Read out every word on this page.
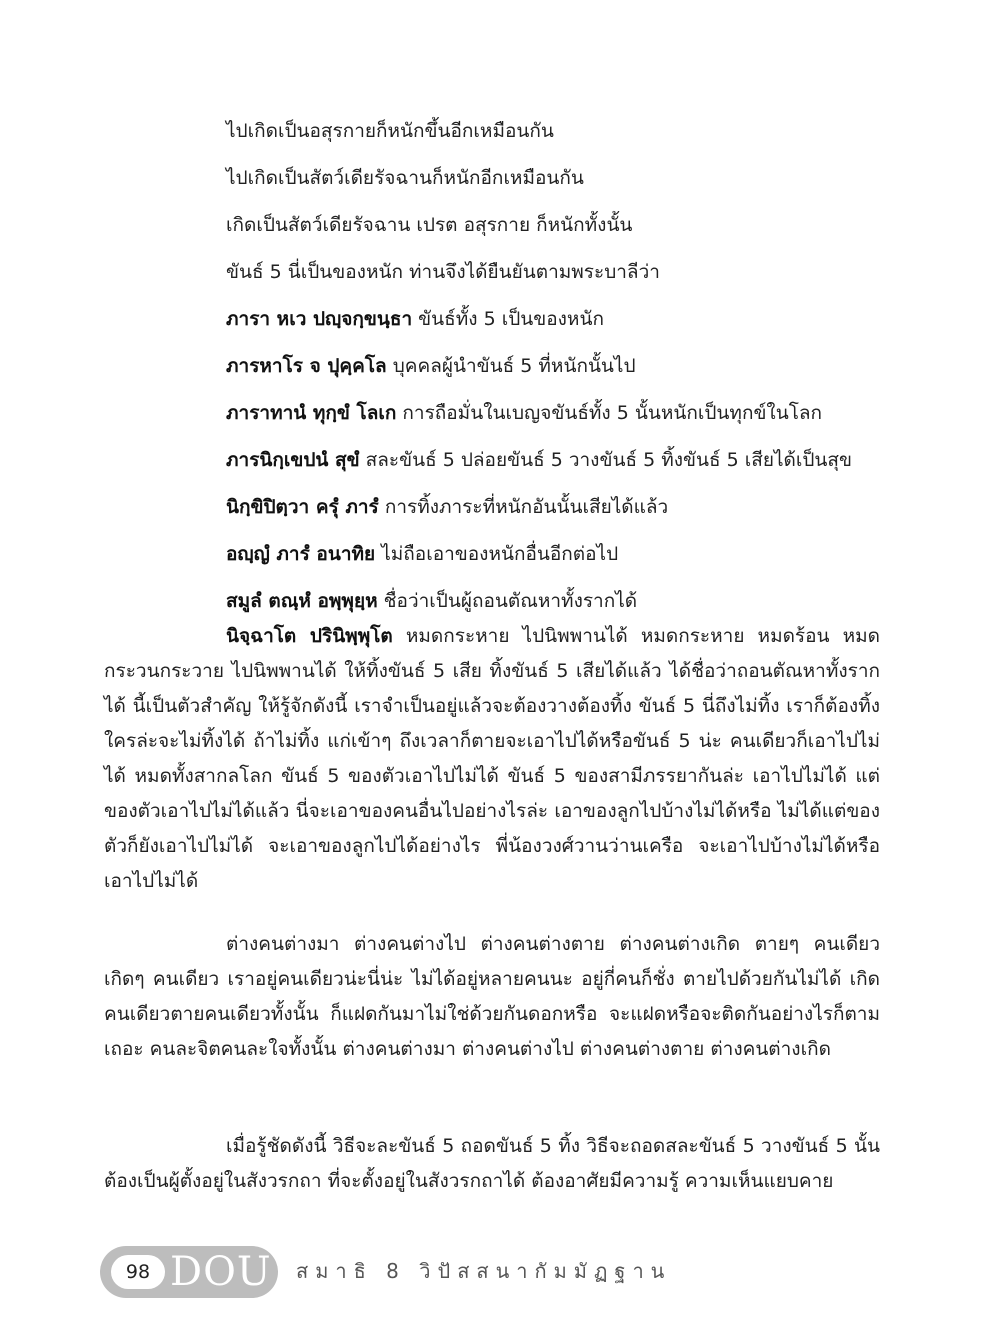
ไปเกิดเป็นอสุรกายก็หนักขึ้นอีกเหมือนกัน
ไปเกิดเป็นสัตว์เดียรัจฉานก็หนักอีกเหมือนกัน
เกิดเป็นสัตว์เดียรัจฉาน เปรต อสุรกาย ก็หนักทั้งนั้น
ขันธ์ 5 นี่เป็นของหนัก ท่านจึงได้ยืนยันตามพระบาลีว่า
ภารา หเว ปญฺจกฺขนฺธา ขันธ์ทั้ง 5 เป็นของหนัก
ภารหาโร จ ปุคฺคโล บุคคลผู้นำขันธ์ 5 ที่หนักนั้นไป
ภาราทานํ ทุกฺขํ โลเก การถือมั่นในเบญจขันธ์ทั้ง 5 นั้นหนักเป็นทุกข์ในโลก
ภารนิกฺเขปนํ สุขํ สละขันธ์ 5 ปล่อยขันธ์ 5 วางขันธ์ 5 ทิ้งขันธ์ 5 เสียได้เป็นสุข
นิกฺขิปิตฺวา ครุํ ภารํ การทิ้งภาระที่หนักอันนั้นเสียได้แล้ว
อญฺญํ ภารํ อนาทิย ไม่ถือเอาของหนักอื่นอีกต่อไป
สมูลํ ตณฺหํ อพฺพุยฺห ชื่อว่าเป็นผู้ถอนตัณหาทั้งรากได้
นิจฺฉาโต ปรินิพฺพุโต หมดกระหาย ไปนิพพานได้ หมดกระหาย หมดร้อน หมดกระวนกระวาย ไปนิพพานได้ ให้ทิ้งขันธ์ 5 เสีย ทิ้งขันธ์ 5 เสียได้แล้ว ได้ชื่อว่าถอนตัณหาทั้งรากได้ นี้เป็นตัวสำคัญ ให้รู้จักดังนี้ เราจำเป็นอยู่แล้วจะต้องวางต้องทิ้ง ขันธ์ 5 นี่ถึงไม่ทิ้ง เราก็ต้องทิ้ง ใครล่ะจะไม่ทิ้งได้ ถ้าไม่ทิ้ง แก่เข้าๆ ถึงเวลาก็ตายจะเอาไปได้หรือขันธ์ 5 น่ะ คนเดียวก็เอาไปไม่ได้ หมดทั้งสากลโลก ขันธ์ 5 ของตัวเอาไปไม่ได้ ขันธ์ 5 ของสามีภรรยากันล่ะ เอาไปไม่ได้ แต่ของตัวเอาไปไม่ได้แล้ว นี่จะเอาของคนอื่นไปอย่างไรล่ะ เอาของลูกไปบ้างไม่ได้หรือ ไม่ได้แต่ของตัวก็ยังเอาไปไม่ได้ จะเอาของลูกไปได้อย่างไร พี่น้องวงศ์วานว่านเครือ จะเอาไปบ้างไม่ได้หรือ เอาไปไม่ได้
ต่างคนต่างมา ต่างคนต่างไป ต่างคนต่างตาย ต่างคนต่างเกิด ตายๆ คนเดียว เกิดๆ คนเดียว เราอยู่คนเดียวน่ะนี่น่ะ ไม่ได้อยู่หลายคนนะ อยู่กี่คนก็ชั่ง ตายไปด้วยกันไม่ได้ เกิดคนเดียวตายคนเดียวทั้งนั้น ก็แฝดกันมาไม่ใช่ด้วยกันดอกหรือ จะแฝดหรือจะติดกันอย่างไรก็ตามเถอะ คนละจิตคนละใจทั้งนั้น ต่างคนต่างมา ต่างคนต่างไป ต่างคนต่างตาย ต่างคนต่างเกิด
เมื่อรู้ชัดดังนี้ วิธีจะละขันธ์ 5 ถอดขันธ์ 5 ทิ้ง วิธีจะถอดสละขันธ์ 5 วางขันธ์ 5 นั้น ต้องเป็นผู้ตั้งอยู่ในสังวรกถา ที่จะตั้งอยู่ในสังวรกถาได้ ต้องอาศัยมีความรู้ ความเห็นแยบคาย
98 DOU สมาธิ 8 วิปัสสนากัมมัฏฐาน
